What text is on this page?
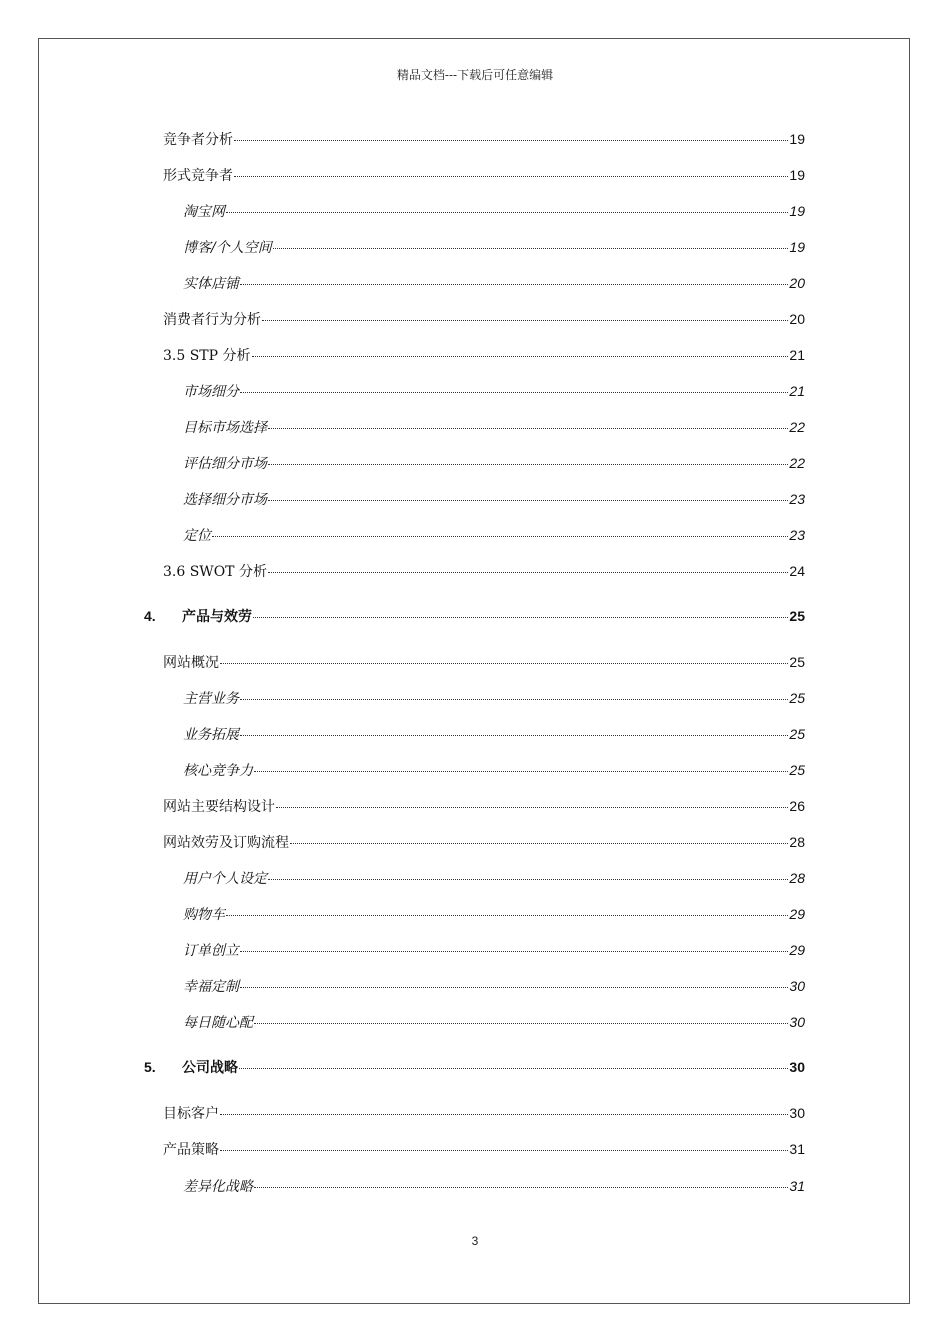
精品文档---下载后可任意编辑
竞争者分析	19
形式竞争者	19
淘宝网	19
博客/个人空间	19
实体店铺	20
消费者行为分析	20
3.5 STP 分析	21
市场细分	21
目标市场选择	22
评估细分市场	22
选择细分市场	23
定位	23
3.6 SWOT 分析	24
4. 产品与效劳	25
网站概况	25
主营业务	25
业务拓展	25
核心竞争力	25
网站主要结构设计	26
网站效劳及订购流程	28
用户个人设定	28
购物车	29
订单创立	29
幸福定制	30
每日随心配	30
5. 公司战略	30
目标客户	30
产品策略	31
差异化战略	31
3
